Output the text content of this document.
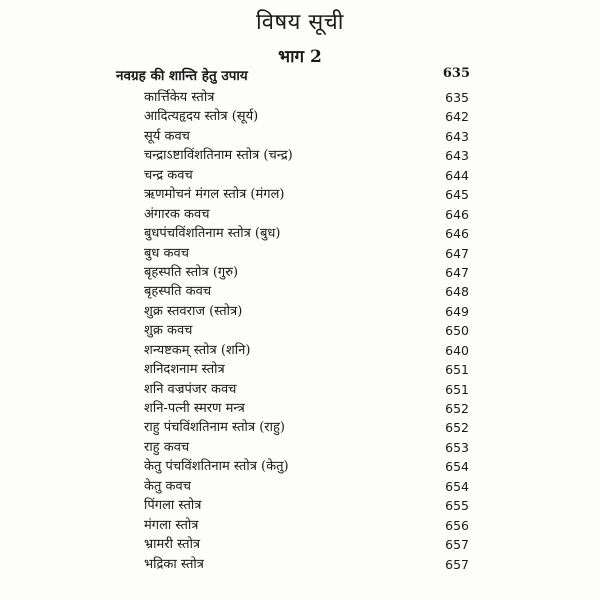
विषय सूची
भाग 2
नवग्रह की शान्ति हेतु उपाय	635
कार्त्तिकेय स्तोत्र	635
आदित्यहृदय स्तोत्र (सूर्य)	642
सूर्य कवच	643
चन्द्राऽष्टाविंशतिनाम स्तोत्र (चन्द्र)	643
चन्द्र कवच	644
ऋणमोचनं मंगल स्तोत्र (मंगल)	645
अंगारक कवच	646
बुधपंचविंशतिनाम स्तोत्र (बुध)	646
बुध कवच	647
बृहस्पति स्तोत्र (गुरु)	647
बृहस्पति कवच	648
शुक्र स्तवराज (स्तोत्र)	649
शुक्र कवच	650
शन्यष्टकम् स्तोत्र (शनि)	640
शनिदशनाम स्तोत्र	651
शनि वज्रपंजर कवच	651
शनि-पत्नी स्मरण मन्त्र	652
राहु पंचविंशतिनाम स्तोत्र (राहु)	652
राहु कवच	653
केतु पंचविंशतिनाम स्तोत्र (केतु)	654
केतु कवच	654
पिंगला स्तोत्र	655
मंगला स्तोत्र	656
भ्रामरी स्तोत्र	657
भद्रिका स्तोत्र	657
